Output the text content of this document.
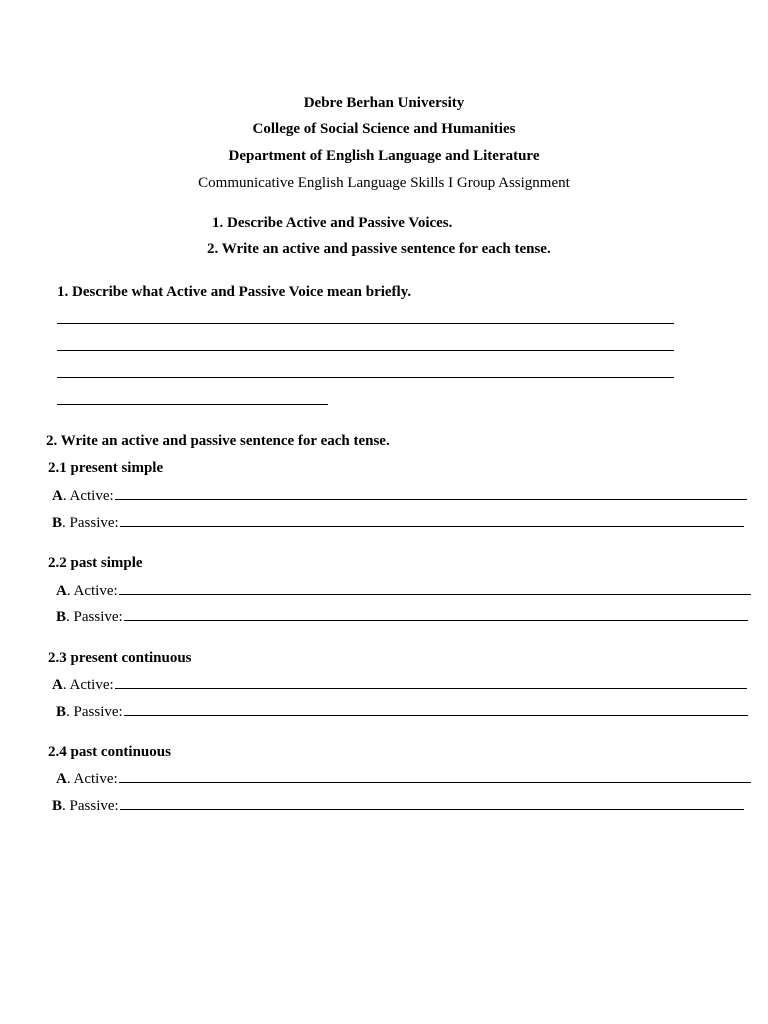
Debre Berhan University
College of Social Science and Humanities
Department of English Language and Literature
Communicative English Language Skills I Group Assignment
1. Describe Active and Passive Voices.
2. Write an active and passive sentence for each tense.
1. Describe what Active and Passive Voice mean briefly.
2. Write an active and passive sentence for each tense.
2.1 present simple
A . Active:
B . Passive:
2.2 past simple
A . Active:
B . Passive:
2.3 present continuous
A . Active:
B . Passive:
2.4 past continuous
A . Active:
B . Passive:
